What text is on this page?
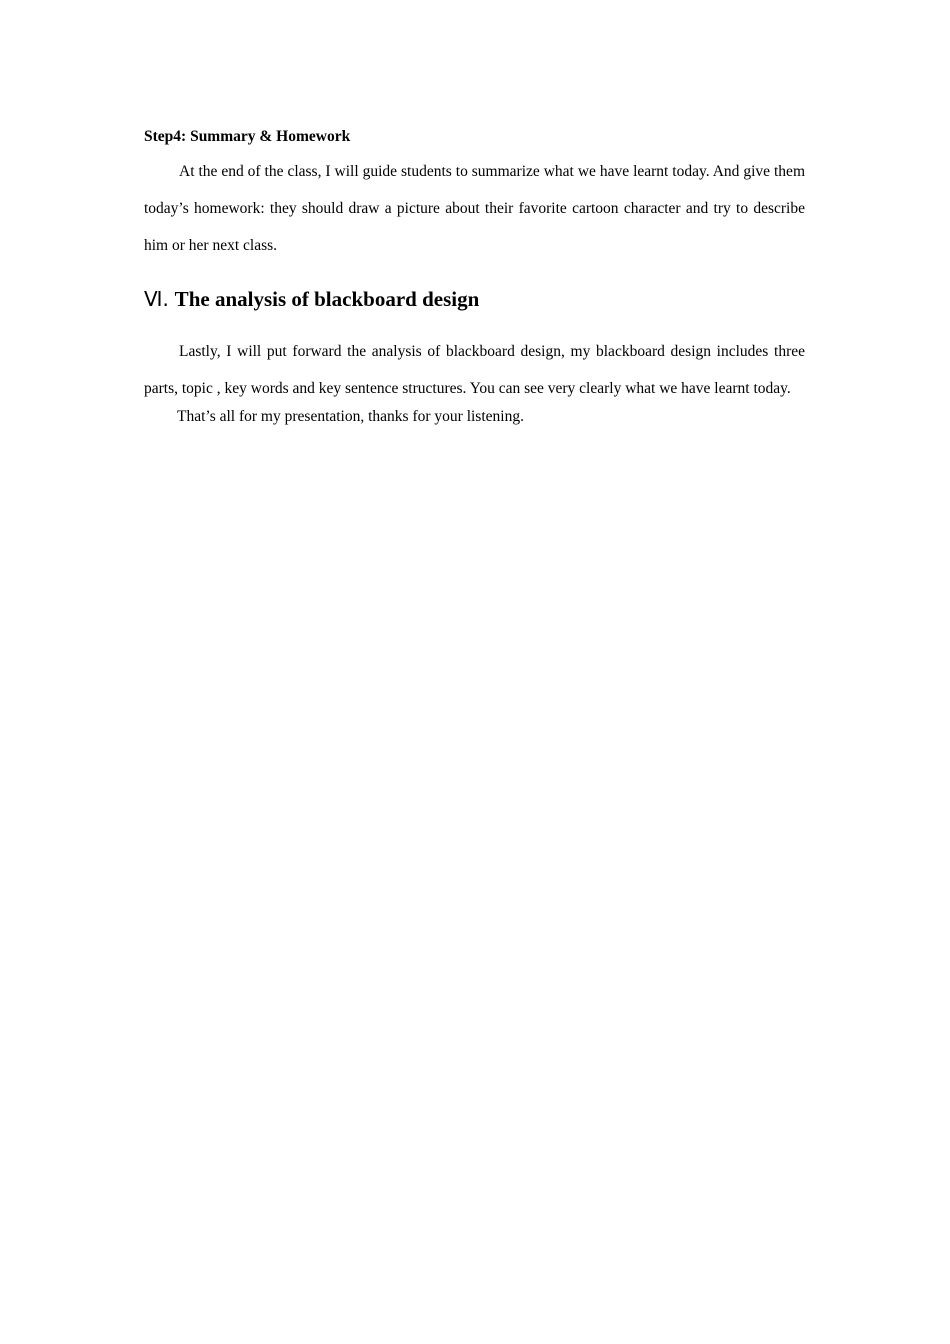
Step4: Summary & Homework

At the end of the class, I will guide students to summarize what we have learnt today. And give them today’s homework: they should draw a picture about their favorite cartoon character and try to describe him or her next class.

Ⅵ. The analysis of blackboard design

Lastly, I will put forward the analysis of blackboard design, my blackboard design includes three parts, topic , key words and key sentence structures. You can see very clearly what we have learnt today.

That’s all for my presentation, thanks for your listening.
